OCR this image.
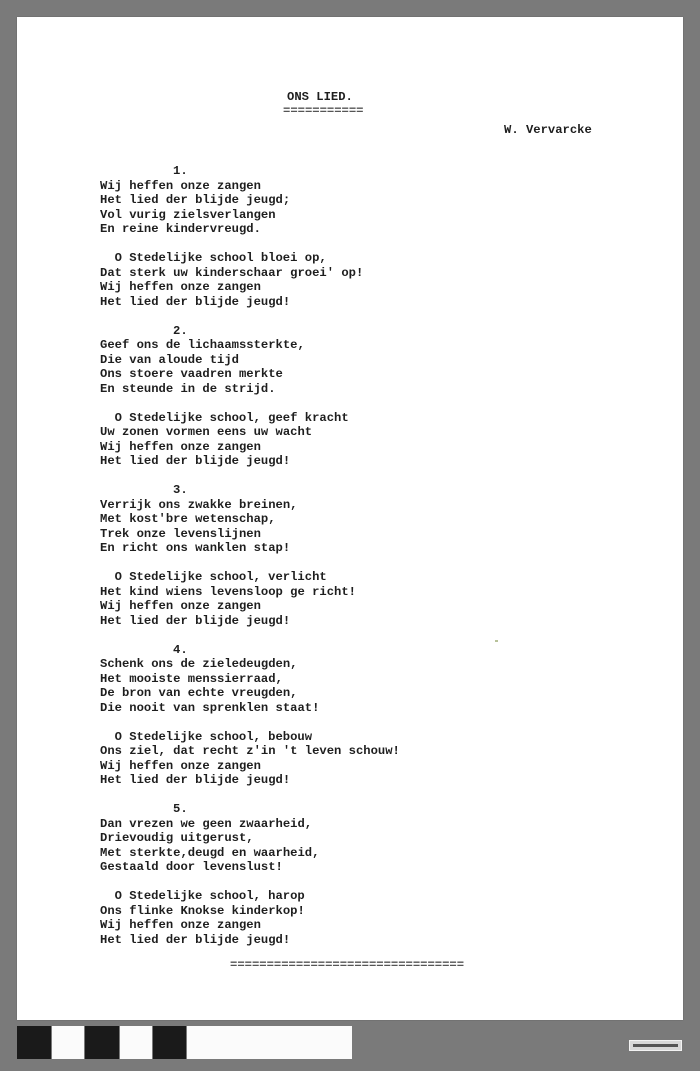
ONS LIED.
===========
W. Vervarcke
1.
Wij heffen onze zangen
Het lied der blijde jeugd;
Vol vurig zielsverlangen
En reine kindervreugd.
O Stedelijke school bloei op,
Dat sterk uw kinderschaar groei' op!
Wij heffen onze zangen
Het lied der blijde jeugd!
2.
Geef ons de lichaamssterkte,
Die van aloude tijd
Ons stoere vaadren merkte
En steunde in de strijd.
O Stedelijke school, geef kracht
Uw zonen vormen eens uw wacht
Wij heffen onze zangen
Het lied der blijde jeugd!
3.
Verrijk ons zwakke breinen,
Met kost'bre wetenschap,
Trek onze levenslijnen
En richt ons wanklen stap!
O Stedelijke school, verlicht
Het kind wiens levensloop ge richt!
Wij heffen onze zangen
Het lied der blijde jeugd!
4.
Schenk ons de zieledeugden,
Het mooiste menssierraad,
De bron van echte vreugden,
Die nooit van sprenklen staat!
O Stedelijke school, bebouw
Ons ziel, dat recht z'in 't leven schouw!
Wij heffen onze zangen
Het lied der blijde jeugd!
5.
Dan vrezen we geen zwaarheid,
Drievoudig uitgerust,
Met sterkte,deugd en waarheid,
Gestaald door levenslust!
O Stedelijke school, harop
Ons flinke Knokse kinderkop!
Wij heffen onze zangen
Het lied der blijde jeugd!
================================
